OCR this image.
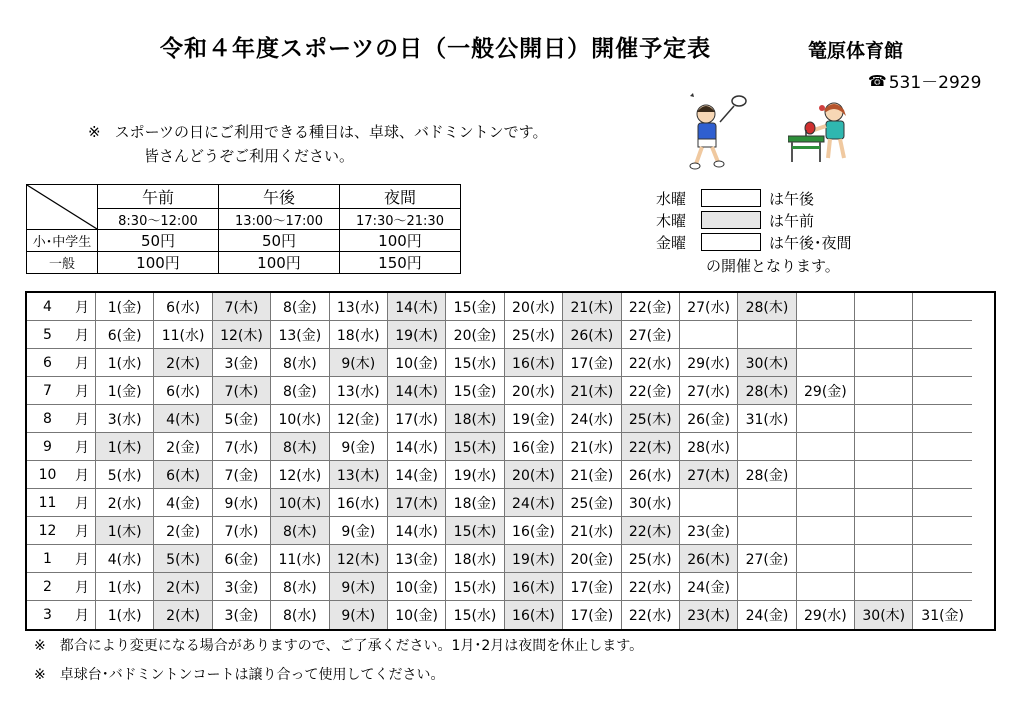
令和４年度スポーツの日（一般公開日）開催予定表	篭原体育館
☎ 531－2929
※ スポーツの日にご利用できる種目は、卓球、バドミントンです。
皆さんどうぞご利用ください。
	午前	午後	夜間
	8:30～12:00	13:00～17:00	17:30～21:30
小･中学生	50円	50円	100円
一般	100円	100円	150円
水曜	は午後
木曜	は午前
金曜	は午後･夜間
の開催となります。
4	月	1(金)	6(水)	7(木)	8(金)	13(水)	14(木)	15(金)	20(水)	21(木)	22(金)	27(水)	28(木)
5	月	6(金)	11(水)	12(木)	13(金)	18(水)	19(木)	20(金)	25(水)	26(木)	27(金)
6	月	1(水)	2(木)	3(金)	8(水)	9(木)	10(金)	15(水)	16(木)	17(金)	22(水)	29(水)	30(木)
7	月	1(金)	6(水)	7(木)	8(金)	13(水)	14(木)	15(金)	20(水)	21(木)	22(金)	27(水)	28(木)	29(金)
8	月	3(水)	4(木)	5(金)	10(水)	12(金)	17(水)	18(木)	19(金)	24(水)	25(木)	26(金)	31(水)
9	月	1(木)	2(金)	7(水)	8(木)	9(金)	14(水)	15(木)	16(金)	21(水)	22(木)	28(水)
10	月	5(水)	6(木)	7(金)	12(水)	13(木)	14(金)	19(水)	20(木)	21(金)	26(水)	27(木)	28(金)
11	月	2(水)	4(金)	9(水)	10(木)	16(水)	17(木)	18(金)	24(木)	25(金)	30(水)
12	月	1(木)	2(金)	7(水)	8(木)	9(金)	14(水)	15(木)	16(金)	21(水)	22(木)	23(金)
1	月	4(水)	5(木)	6(金)	11(水)	12(木)	13(金)	18(水)	19(木)	20(金)	25(水)	26(木)	27(金)
2	月	1(水)	2(木)	3(金)	8(水)	9(木)	10(金)	15(水)	16(木)	17(金)	22(水)	24(金)
3	月	1(水)	2(木)	3(金)	8(水)	9(木)	10(金)	15(水)	16(木)	17(金)	22(水)	23(木)	24(金)	29(水)	30(木)	31(金)
※ 都合により変更になる場合がありますので、ご了承ください。1月･2月は夜間を休止します。
※ 卓球台･バドミントンコートは譲り合って使用してください。
